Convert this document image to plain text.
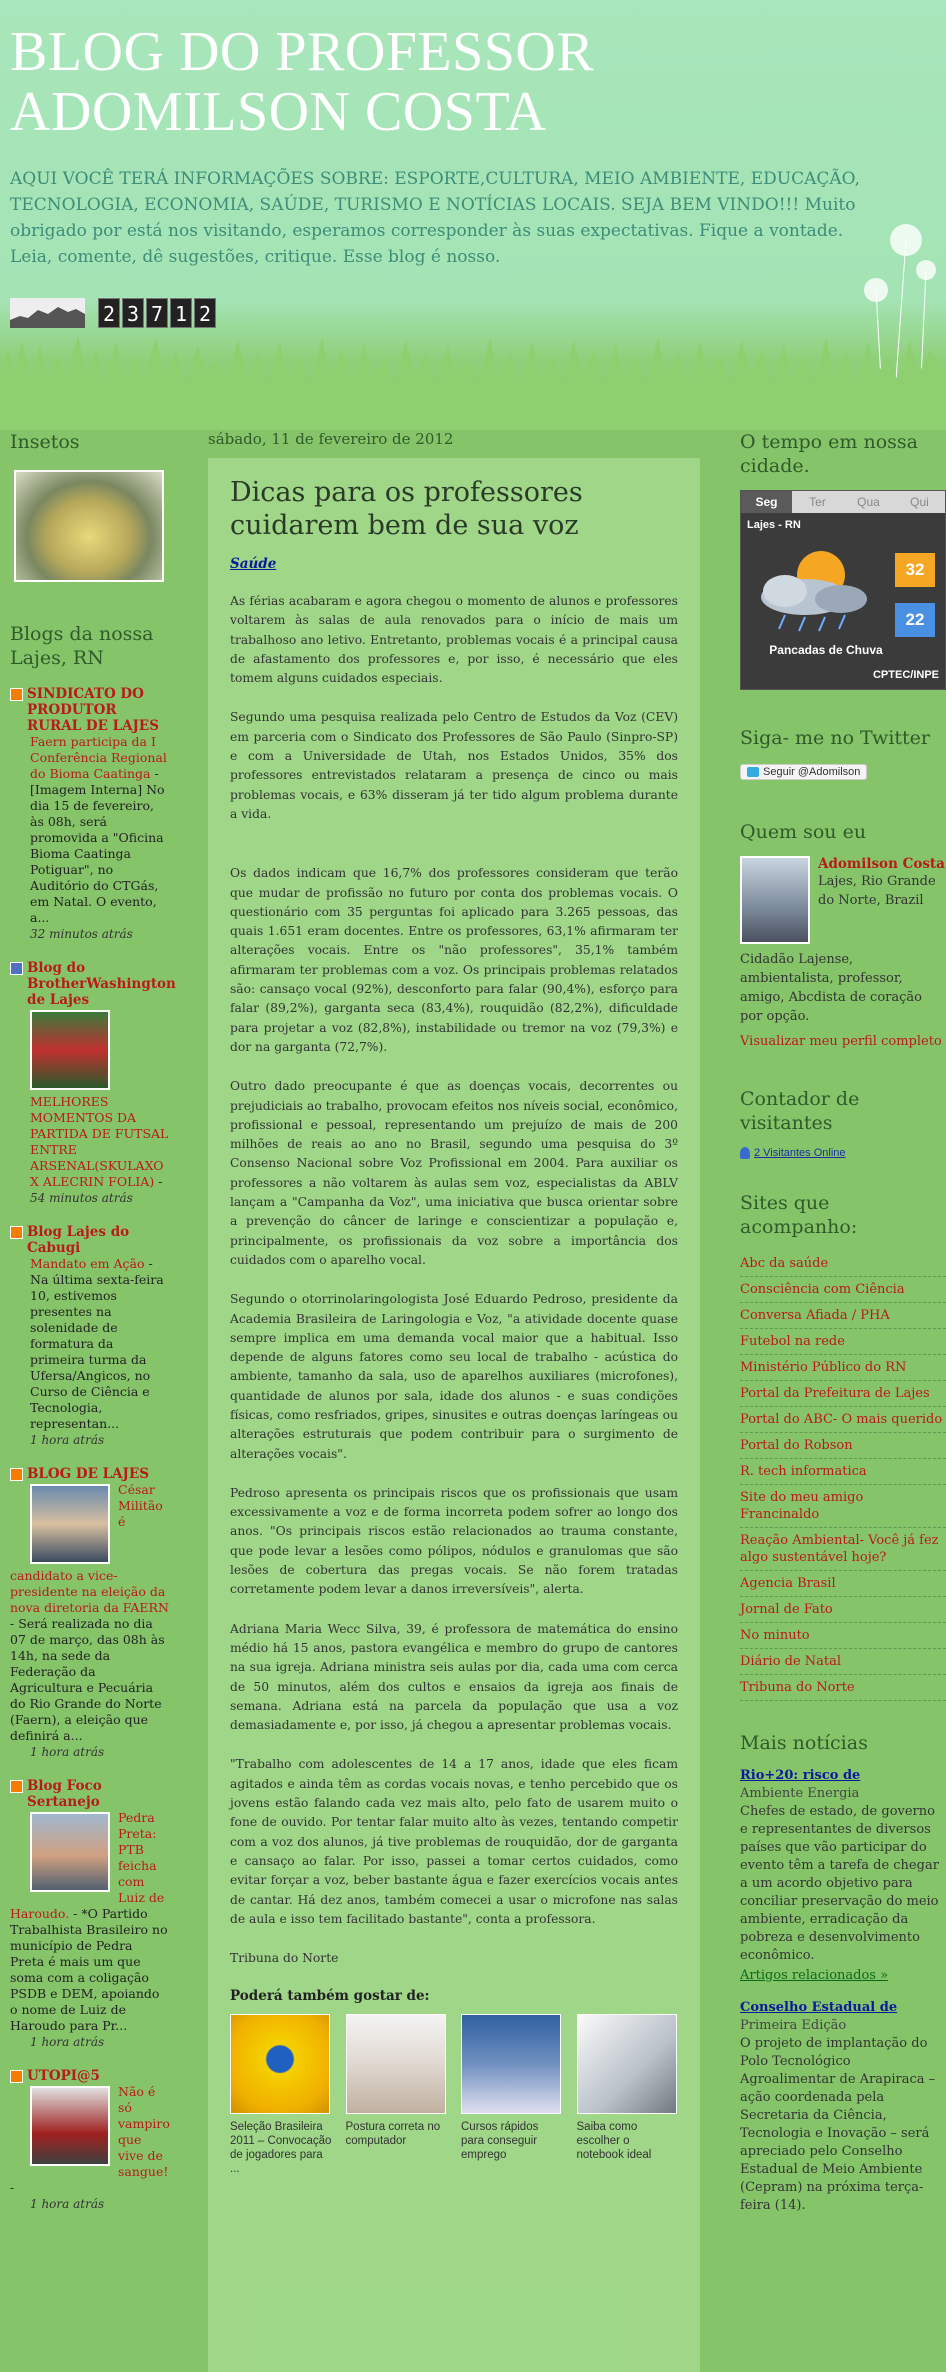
BLOG DO PROFESSOR ADOMILSON COSTA
AQUI VOCÊ TERÁ INFORMAÇÕES SOBRE: ESPORTE,CULTURA, MEIO AMBIENTE, EDUCAÇÃO, TECNOLOGIA, ECONOMIA, SAÚDE, TURISMO E NOTÍCIAS LOCAIS. SEJA BEM VINDO!!! Muito obrigado por está nos visitando, esperamos corresponder às suas expectativas. Fique a vontade. Leia, comente, dê sugestões, critique. Esse blog é nosso.
2 3 7 1 2
Insetos
Blogs da nossa Lajes, RN
SINDICATO DO PRODUTOR RURAL DE LAJES
Faern participa da I Conferência Regional do Bioma Caatinga - [Imagem Interna] No dia 15 de fevereiro, às 08h, será promovida a "Oficina Bioma Caatinga Potiguar", no Auditório do CTGás, em Natal. O evento, a...
32 minutos atrás
Blog do BrotherWashington de Lajes
MELHORES MOMENTOS DA PARTIDA DE FUTSAL ENTRE ARSENAL(SKULAXO X ALECRIN FOLIA) -
54 minutos atrás
Blog Lajes do Cabugi
Mandato em Ação - Na última sexta-feira 10, estivemos presentes na solenidade de formatura da primeira turma da Ufersa/Angicos, no Curso de Ciência e Tecnologia, representan...
1 hora atrás
BLOG DE LAJES
César Militão é candidato a vice-presidente na eleição da nova diretoria da FAERN - Será realizada no dia 07 de março, das 08h às 14h, na sede da Federação da Agricultura e Pecuária do Rio Grande do Norte (Faern), a eleição que definirá a...
1 hora atrás
Blog Foco Sertanejo
Pedra Preta: PTB feicha com Luiz de Haroudo. - *O Partido Trabalhista Brasileiro no município de Pedra Preta é mais um que soma com a coligação PSDB e DEM, apoiando o nome de Luiz de Haroudo para Pr...
1 hora atrás
UTOPI@5
Não é só vampiro que vive de sangue! -
1 hora atrás
sábado, 11 de fevereiro de 2012
Dicas para os professores cuidarem bem de sua voz
Saúde

As férias acabaram e agora chegou o momento de alunos e professores voltarem às salas de aula renovados para o início de mais um trabalhoso ano letivo. Entretanto, problemas vocais é a principal causa de afastamento dos professores e, por isso, é necessário que eles tomem alguns cuidados especiais.

Segundo uma pesquisa realizada pelo Centro de Estudos da Voz (CEV) em parceria com o Sindicato dos Professores de São Paulo (Sinpro-SP) e com a Universidade de Utah, nos Estados Unidos, 35% dos professores entrevistados relataram a presença de cinco ou mais problemas vocais, e 63% disseram já ter tido algum problema durante a vida.

Os dados indicam que 16,7% dos professores consideram que terão que mudar de profissão no futuro por conta dos problemas vocais. O questionário com 35 perguntas foi aplicado para 3.265 pessoas, das quais 1.651 eram docentes. Entre os professores, 63,1% afirmaram ter alterações vocais. Entre os "não professores", 35,1% também afirmaram ter problemas com a voz. Os principais problemas relatados são: cansaço vocal (92%), desconforto para falar (90,4%), esforço para falar (89,2%), garganta seca (83,4%), rouquidão (82,2%), dificuldade para projetar a voz (82,8%), instabilidade ou tremor na voz (79,3%) e dor na garganta (72,7%).

Outro dado preocupante é que as doenças vocais, decorrentes ou prejudiciais ao trabalho, provocam efeitos nos níveis social, econômico, profissional e pessoal, representando um prejuízo de mais de 200 milhões de reais ao ano no Brasil, segundo uma pesquisa do 3º Consenso Nacional sobre Voz Profissional em 2004. Para auxiliar os professores a não voltarem às aulas sem voz, especialistas da ABLV lançam a "Campanha da Voz", uma iniciativa que busca orientar sobre a prevenção do câncer de laringe e conscientizar a população e, principalmente, os profissionais da voz sobre a importância dos cuidados com o aparelho vocal.

Segundo o otorrinolaringologista José Eduardo Pedroso, presidente da Academia Brasileira de Laringologia e Voz, "a atividade docente quase sempre implica em uma demanda vocal maior que a habitual. Isso depende de alguns fatores como seu local de trabalho - acústica do ambiente, tamanho da sala, uso de aparelhos auxiliares (microfones), quantidade de alunos por sala, idade dos alunos - e suas condições físicas, como resfriados, gripes, sinusites e outras doenças laríngeas ou alterações estruturais que podem contribuir para o surgimento de alterações vocais".

Pedroso apresenta os principais riscos que os profissionais que usam excessivamente a voz e de forma incorreta podem sofrer ao longo dos anos. "Os principais riscos estão relacionados ao trauma constante, que pode levar a lesões como pólipos, nódulos e granulomas que são lesões de cobertura das pregas vocais. Se não forem tratadas corretamente podem levar a danos irreversíveis", alerta.

Adriana Maria Wecc Silva, 39, é professora de matemática do ensino médio há 15 anos, pastora evangélica e membro do grupo de cantores na sua igreja. Adriana ministra seis aulas por dia, cada uma com cerca de 50 minutos, além dos cultos e ensaios da igreja aos finais de semana. Adriana está na parcela da população que usa a voz demasiadamente e, por isso, já chegou a apresentar problemas vocais.

"Trabalho com adolescentes de 14 a 17 anos, idade que eles ficam agitados e ainda têm as cordas vocais novas, e tenho percebido que os jovens estão falando cada vez mais alto, pelo fato de usarem muito o fone de ouvido. Por tentar falar muito alto às vezes, tentando competir com a voz dos alunos, já tive problemas de rouquidão, dor de garganta e cansaço ao falar. Por isso, passei a tomar certos cuidados, como evitar forçar a voz, beber bastante água e fazer exercícios vocais antes de cantar. Há dez anos, também comecei a usar o microfone nas salas de aula e isso tem facilitado bastante", conta a professora.

Tribuna do Norte

Poderá também gostar de:
Seleção Brasileira 2011 – Convocação de jogadores para ...
Postura correta no computador
Cursos rápidos para conseguir emprego
Saiba como escolher o notebook ideal
O tempo em nossa cidade.
Seg	Ter	Qua	Qui
Lajes - RN
32
22
Pancadas de Chuva
CPTEC/INPE
Siga- me no Twitter
Seguir @Adomilson
Quem sou eu
Adomilson Costa
Lajes, Rio Grande do Norte, Brazil
Cidadão Lajense, ambientalista, professor, amigo, Abcdista de coração por opção.
Visualizar meu perfil completo
Contador de visitantes
2 Visitantes Online
Sites que acompanho:
Abc da saúde
Consciência com Ciência
Conversa Afiada / PHA
Futebol na rede
Ministério Público do RN
Portal da Prefeitura de Lajes
Portal do ABC- O mais querido
Portal do Robson
R. tech informatica
Site do meu amigo Francinaldo
Reação Ambiental- Você já fez algo sustentável hoje?
Agencia Brasil
Jornal de Fato
No minuto
Diário de Natal
Tribuna do Norte
Mais notícias
Rio+20: risco de
Ambiente Energia
Chefes de estado, de governo e representantes de diversos países que vão participar do evento têm a tarefa de chegar a um acordo objetivo para conciliar preservação do meio ambiente, erradicação da pobreza e desenvolvimento econômico.
Artigos relacionados »
Conselho Estadual de
Primeira Edição
O projeto de implantação do Polo Tecnológico Agroalimentar de Arapiraca – ação coordenada pela Secretaria da Ciência, Tecnologia e Inovação – será apreciado pelo Conselho Estadual de Meio Ambiente (Cepram) na próxima terça-feira (14).
